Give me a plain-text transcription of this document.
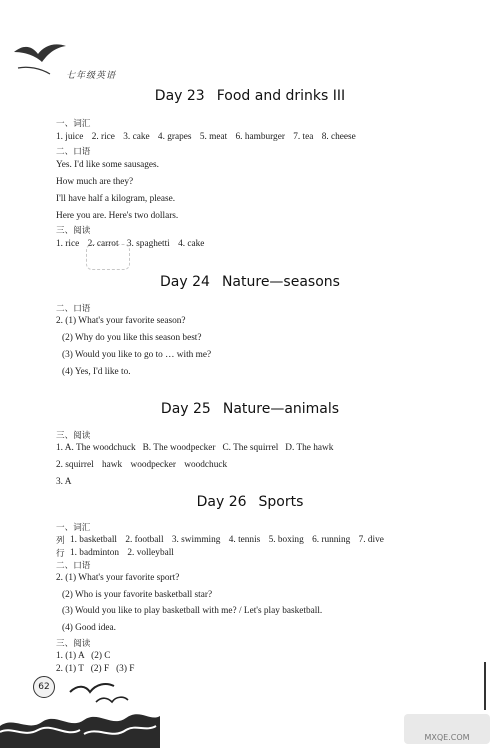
七年级英语
Day 23 Food and drinks III
一、词汇
1. juice 2. rice 3. cake 4. grapes 5. meat 6. hamburger 7. tea 8. cheese
二、口语
Yes. I'd like some sausages.
How much are they?
I'll have half a kilogram, please.
Here you are. Here's two dollars.
三、阅读
1. rice 2. carrot 3. spaghetti 4. cake
Day 24 Nature—seasons
二、口语
2. (1) What's your favorite season?
(2) Why do you like this season best?
(3) Would you like to go to … with me?
(4) Yes, I'd like to.
Day 25 Nature—animals
三、阅读
1. A. The woodchuck   B. The woodpecker   C. The squirrel   D. The hawk
2. squirrel hawk woodpecker woodchuck
3. A
Day 26 Sports
一、词汇
列 1. basketball 2. football 3. swimming 4. tennis 5. boxing 6. running 7. dive
行 1. badminton 2. volleyball
二、口语
2. (1) What's your favorite sport?
(2) Who is your favorite basketball star?
(3) Would you like to play basketball with me? / Let's play basketball.
(4) Good idea.
三、阅读
1. (1) A   (2) C
2. (1) T   (2) F   (3) F
62
MXQE.COM
